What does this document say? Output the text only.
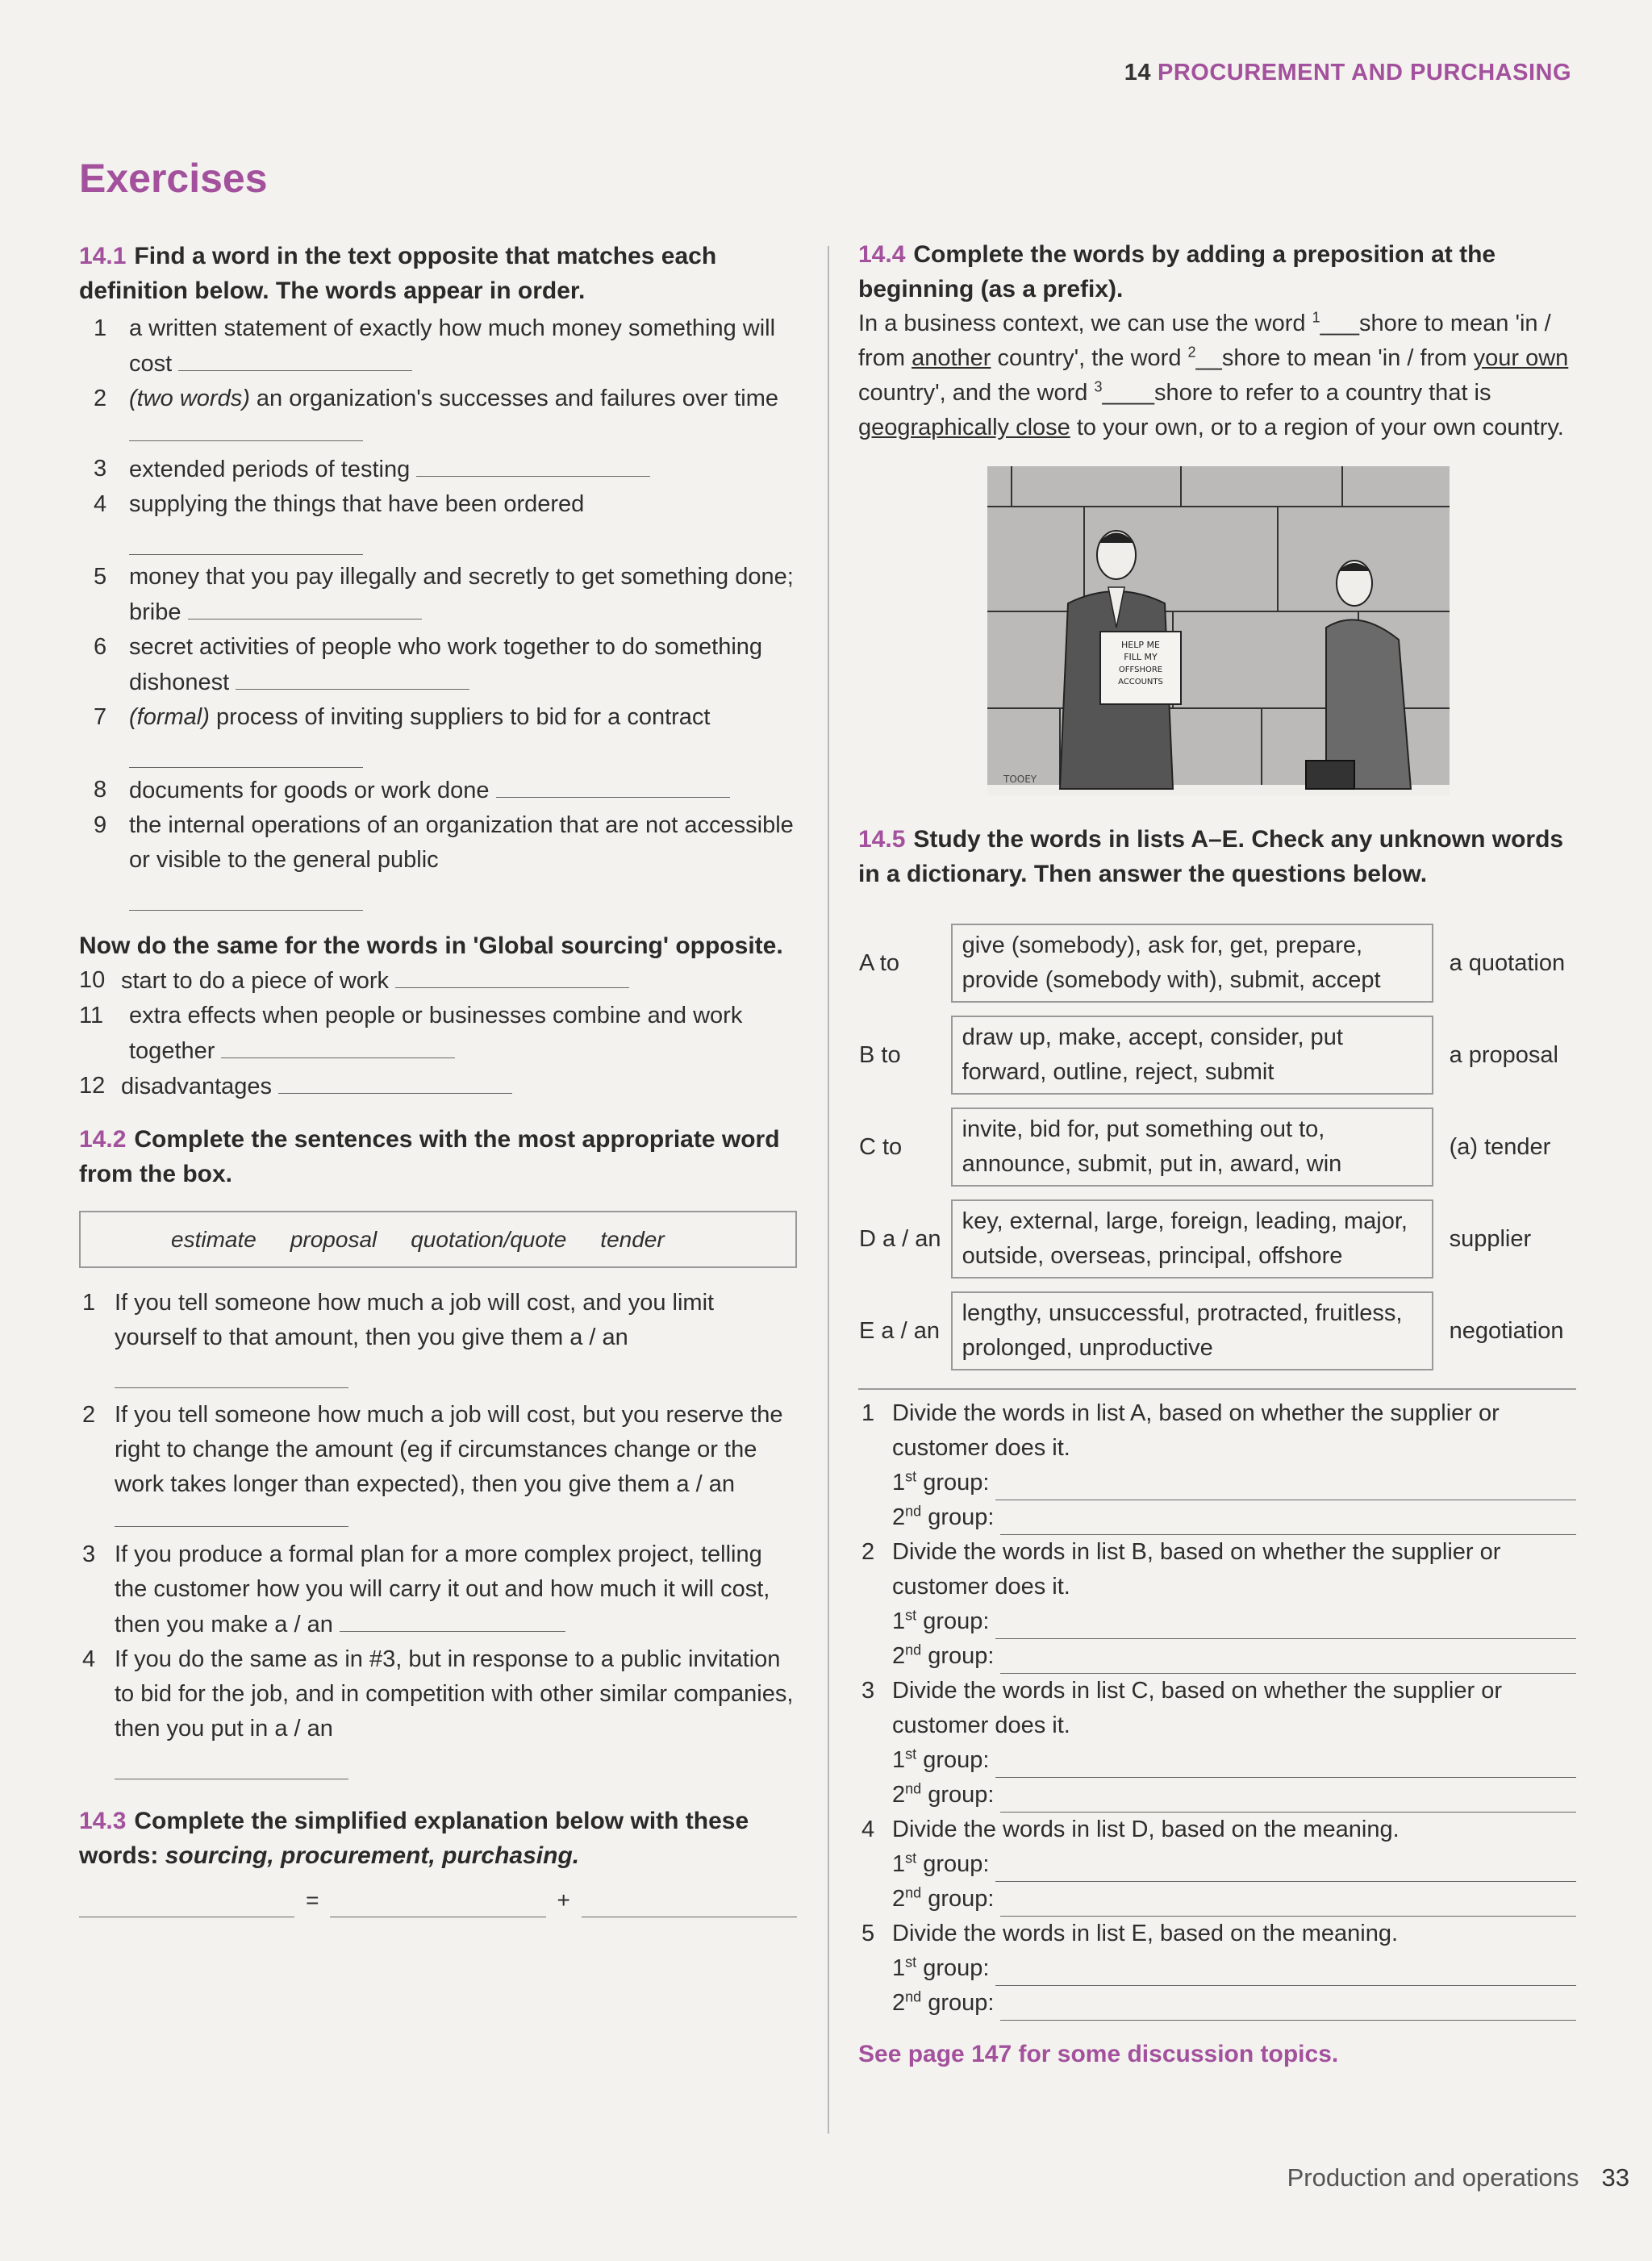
14 PROCUREMENT AND PURCHASING
Exercises
14.1 Find a word in the text opposite that matches each definition below. The words appear in order.
1 a written statement of exactly how much money something will cost
2 (two words) an organization's successes and failures over time
3 extended periods of testing
4 supplying the things that have been ordered
5 money that you pay illegally and secretly to get something done; bribe
6 secret activities of people who work together to do something dishonest
7 (formal) process of inviting suppliers to bid for a contract
8 documents for goods or work done
9 the internal operations of an organization that are not accessible or visible to the general public
Now do the same for the words in 'Global sourcing' opposite.
10 start to do a piece of work
11 extra effects when people or businesses combine and work together
12 disadvantages
14.2 Complete the sentences with the most appropriate word from the box.
estimate proposal quotation/quote tender
1 If you tell someone how much a job will cost, and you limit yourself to that amount, then you give them a / an
2 If you tell someone how much a job will cost, but you reserve the right to change the amount (eg if circumstances change or the work takes longer than expected), then you give them a / an
3 If you produce a formal plan for a more complex project, telling the customer how you will carry it out and how much it will cost, then you make a / an
4 If you do the same as in #3, but in response to a public invitation to bid for the job, and in competition with other similar companies, then you put in a / an
14.3 Complete the simplified explanation below with these words: sourcing, procurement, purchasing.
=	+
14.4 Complete the words by adding a preposition at the beginning (as a prefix).
In a business context, we can use the word $^1$___shore to mean 'in / from another country', the word $^2$__shore to mean 'in / from your own country', and the word $^3$____shore to refer to a country that is geographically close to your own, or to a region of your own country.
HELP ME
FILL MY
OFFSHORE
ACCOUNTS
TOOEY
14.5 Study the words in lists A–E. Check any unknown words in a dictionary. Then answer the questions below.
A to	give (somebody), ask for, get, prepare, provide (somebody with), submit, accept	a quotation
B to	draw up, make, accept, consider, put forward, outline, reject, submit	a proposal
C to	invite, bid for, put something out to, announce, submit, put in, award, win	(a) tender
D a / an	key, external, large, foreign, leading, major, outside, overseas, principal, offshore	supplier
E a / an	lengthy, unsuccessful, protracted, fruitless, prolonged, unproductive	negotiation
1 Divide the words in list A, based on whether the supplier or customer does it.
1st group:
2nd group:
2 Divide the words in list B, based on whether the supplier or customer does it.
1st group:
2nd group:
3 Divide the words in list C, based on whether the supplier or customer does it.
1st group:
2nd group:
4 Divide the words in list D, based on the meaning.
1st group:
2nd group:
5 Divide the words in list E, based on the meaning.
1st group:
2nd group:
See page 147 for some discussion topics.
Production and operations 33
